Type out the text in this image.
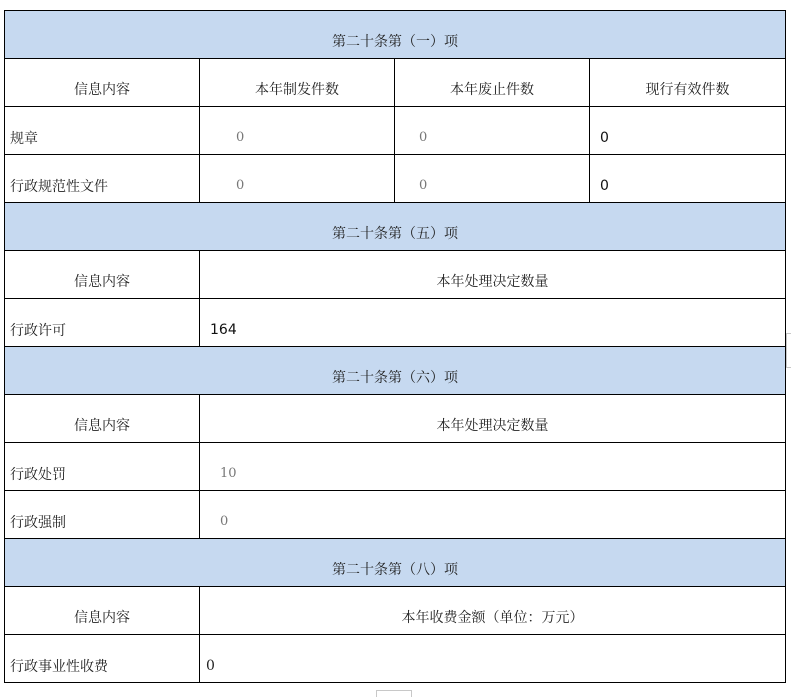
第二十条第（一）项			
信息内容	本年制发件数	本年废止件数	现行有效件数
规章	0	0	0
行政规范性文件	0	0	0
第二十条第（五）项			
信息内容	本年处理决定数量		
行政许可	164		
第二十条第（六）项			
信息内容	本年处理决定数量		
行政处罚	10		
行政强制	0		
第二十条第（八）项			
信息内容	本年收费金额（单位：万元）		
行政事业性收费	0		
